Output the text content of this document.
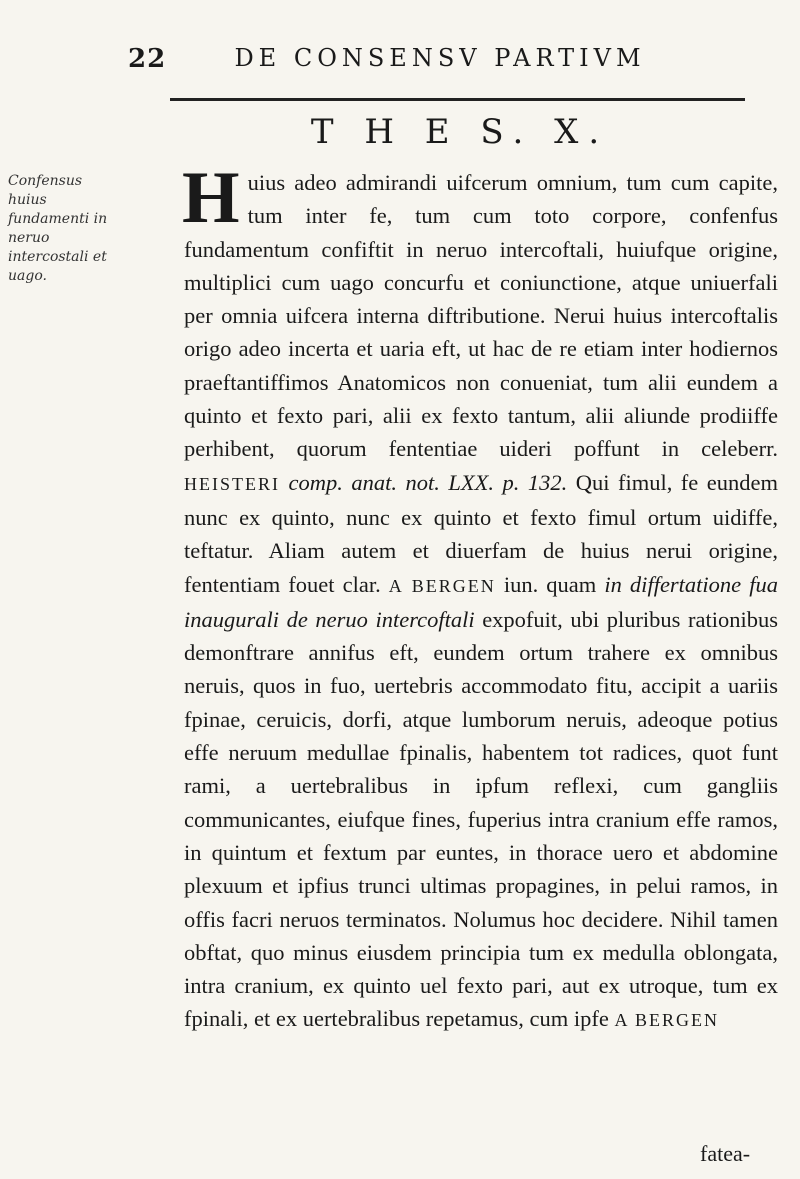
22	DE CONSENSV PARTIVM
T H E S. X.
Confensus huius fundamenti in neruo intercostali et uago.
Huius adeo admirandi uifcerum omnium, tum cum capite, tum inter fe, tum cum toto corpore, confenfus fundamentum confiftit in neruo intercoftali, huiufque origine, multiplici cum uago concurfu et coniunctione, atque uniuerfali per omnia uifcera interna diftributione. Nerui huius intercoftalis origo adeo incerta et uaria eft, ut hac de re etiam inter hodiernos praeftantiffimos Anatomicos non conueniat, tum alii eundem a quinto et fexto pari, alii ex fexto tantum, alii aliunde prodiiffe perhibent, quorum fententiae uideri poffunt in celeberr. HEISTERI comp. anat. not. LXX. p. 132. Qui fimul, fe eundem nunc ex quinto, nunc ex quinto et fexto fimul ortum uidiffe, teftatur. Aliam autem et diuerfam de huius nerui origine, fententiam fouet clar. A BERGEN iun. quam in differtatione fua inaugurali de neruo intercoftali expofuit, ubi pluribus rationibus demonftrare annifus eft, eundem ortum trahere ex omnibus neruis, quos in fuo, uertebris accommodato fitu, accipit a uariis fpinae, ceruicis, dorfi, atque lumborum neruis, adeoque potius effe neruum medullae fpinalis, habentem tot radices, quot funt rami, a uertebralibus in ipfum reflexi, cum gangliis communicantes, eiufque fines, fuperius intra cranium effe ramos, in quintum et fextum par euntes, in thorace uero et abdomine plexuum et ipfius trunci ultimas propagines, in pelui ramos, in offis facri neruos terminatos. Nolumus hoc decidere. Nihil tamen obftat, quo minus eiusdem principia tum ex medulla oblongata, intra cranium, ex quinto uel fexto pari, aut ex utroque, tum ex fpinali, et ex uertebralibus repetamus, cum ipfe A BERGEN
fatea-
